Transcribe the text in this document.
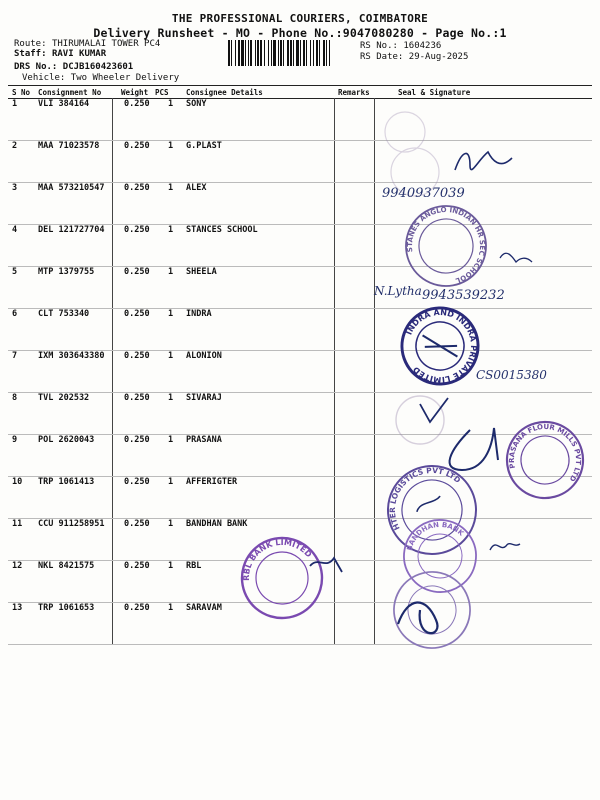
THE PROFESSIONAL COURIERS, COIMBATORE
Delivery Runsheet - MO - Phone No.:9047080280 - Page No.:1
Route: THIRUMALAI TOWER PC4
Staff: RAVI KUMAR
DRS No.: DCJB160423601
Vehicle: Two Wheeler Delivery
RS No.: 1604236
RS Date: 29-Aug-2025
S No Consignment No	Weight PCS Consignee Details	Remarks	Seal & Signature
1 VLI 384164	0.250 1 SONY
2 MAA 71023578	0.250 1 G.PLAST
3 MAA 573210547 0.250 1 ALEX
4 DEL 121727704 0.250 1 STANCES SCHOOL
5 MTP 1379755	0.250 1 SHEELA
6 CLT 753340	0.250 1 INDRA
7 IXM 303643380 0.250 1 ALONION
8 TVL 202532	0.250 1 SIVARAJ
9 POL 2620043	0.250 1 PRASANA
10 TRP 1061413	0.250 1 AFFERIGTER
11 CCU 911258951 0.250 1 BANDHAN BANK
12 NKL 8421575	0.250 1 RBL
13 TRP 1061653	0.250 1 SARAVAM
STANES ANGLO INDIAN HR SEC SCHOOL
INDRA AND INDRA PRIVATE LIMITED
PRASANA FLOUR MILLS PVT LTD
HTER LOGISTICS PVT LTD
BANDHAN BANK
RBL BANK LIMITED
9940937039
N.Lytha 9943539232
CS0015380
